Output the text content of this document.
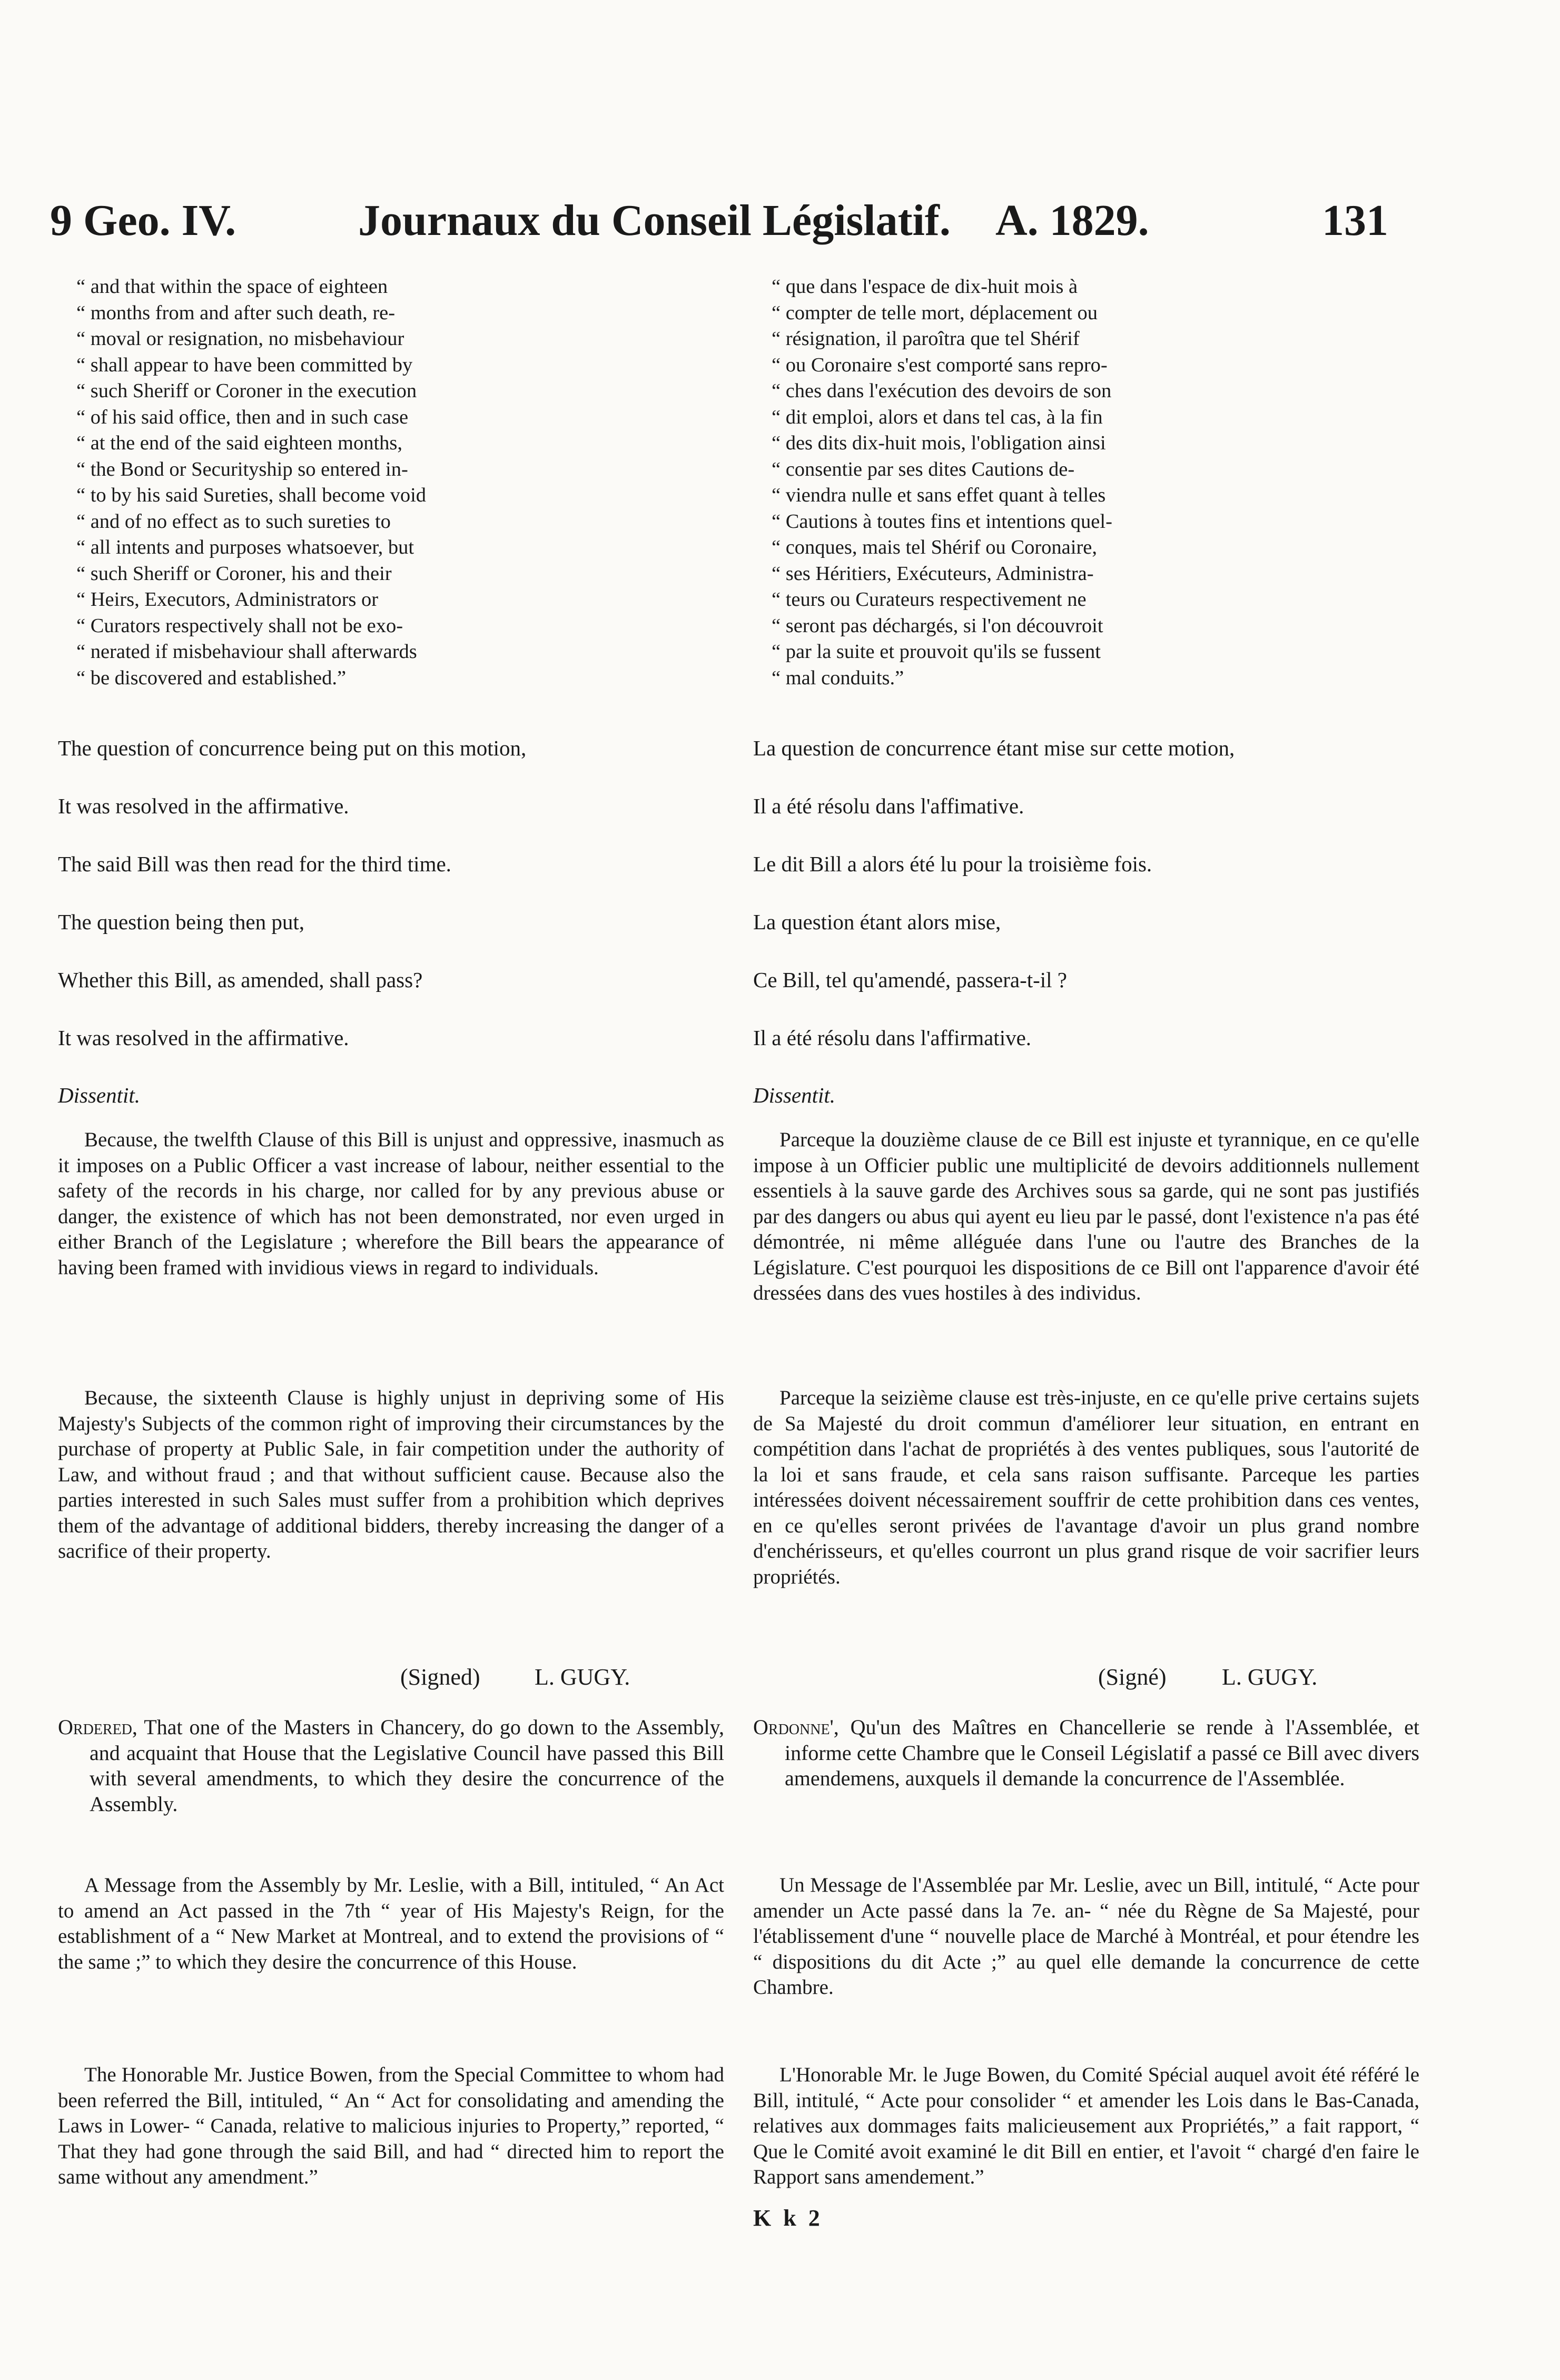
9 Geo. IV.	Journaux du Conseil Législatif. A. 1829.	131
“ and that within the space of eighteen
“ months from and after such death, re-
“ moval or resignation, no misbehaviour
“ shall appear to have been committed by
“ such Sheriff or Coroner in the execution
“ of his said office, then and in such case
“ at the end of the said eighteen months,
“ the Bond or Securityship so entered in-
“ to by his said Sureties, shall become void
“ and of no effect as to such sureties to
“ all intents and purposes whatsoever, but
“ such Sheriff or Coroner, his and their
“ Heirs, Executors, Administrators or
“ Curators respectively shall not be exo-
“ nerated if misbehaviour shall afterwards
“ be discovered and established.”

The question of concurrence being put on this motion,

It was resolved in the affirmative.

The said Bill was then read for the third time.

The question being then put,

Whether this Bill, as amended, shall pass?

It was resolved in the affirmative.

Dissentit.
Because, the twelfth Clause of this Bill is unjust and oppressive, inasmuch as it imposes on a Public Officer a vast increase of labour, neither essential to the safety of the records in his charge, nor called for by any previous abuse or danger, the existence of which has not been demonstrated, nor even urged in either Branch of the Legislature ; wherefore the Bill bears the appearance of having been framed with invidious views in regard to individuals.
Because, the sixteenth Clause is highly unjust in depriving some of His Majesty's Subjects of the common right of improving their circumstances by the purchase of property at Public Sale, in fair competition under the authority of Law, and without fraud ; and that without sufficient cause. Because also the parties interested in such Sales must suffer from a prohibition which deprives them of the advantage of additional bidders, thereby increasing the danger of a sacrifice of their property.
(Signed) L. GUGY.
Ordered, That one of the Masters in Chancery, do go down to the Assembly, and acquaint that House that the Legislative Council have passed this Bill with several amendments, to which they desire the concurrence of the Assembly.
A Message from the Assembly by Mr. Leslie, with a Bill, intituled, “ An Act to amend an Act passed in the 7th “ year of His Majesty's Reign, for the establishment of a “ New Market at Montreal, and to extend the provisions of “ the same ;” to which they desire the concurrence of this House.
The Honorable Mr. Justice Bowen, from the Special Committee to whom had been referred the Bill, intituled, “ An “ Act for consolidating and amending the Laws in Lower- “ Canada, relative to malicious injuries to Property,” reported, “ That they had gone through the said Bill, and had “ directed him to report the same without any amendment.”
“ que dans l'espace de dix-huit mois à
“ compter de telle mort, déplacement ou
“ résignation, il paroîtra que tel Shérif
“ ou Coronaire s'est comporté sans repro-
“ ches dans l'exécution des devoirs de son
“ dit emploi, alors et dans tel cas, à la fin
“ des dits dix-huit mois, l'obligation ainsi
“ consentie par ses dites Cautions de-
“ viendra nulle et sans effet quant à telles
“ Cautions à toutes fins et intentions quel-
“ conques, mais tel Shérif ou Coronaire,
“ ses Héritiers, Exécuteurs, Administra-
“ teurs ou Curateurs respectivement ne
“ seront pas déchargés, si l'on découvroit
“ par la suite et prouvoit qu'ils se fussent
“ mal conduits.”

La question de concurrence étant mise sur cette motion,

Il a été résolu dans l'affimative.

Le dit Bill a alors été lu pour la troisième fois.

La question étant alors mise,

Ce Bill, tel qu'amendé, passera-t-il ?

Il a été résolu dans l'affirmative.

Dissentit.
Parceque la douzième clause de ce Bill est injuste et tyrannique, en ce qu'elle impose à un Officier public une multiplicité de devoirs additionnels nullement essentiels à la sauve garde des Archives sous sa garde, qui ne sont pas justifiés par des dangers ou abus qui ayent eu lieu par le passé, dont l'existence n'a pas été démontrée, ni même alléguée dans l'une ou l'autre des Branches de la Législature. C'est pourquoi les dispositions de ce Bill ont l'apparence d'avoir été dressées dans des vues hostiles à des individus.
Parceque la seizième clause est très-injuste, en ce qu'elle prive certains sujets de Sa Majesté du droit commun d'améliorer leur situation, en entrant en compétition dans l'achat de propriétés à des ventes publiques, sous l'autorité de la loi et sans fraude, et cela sans raison suffisante. Parceque les parties intéressées doivent nécessairement souffrir de cette prohibition dans ces ventes, en ce qu'elles seront privées de l'avantage d'avoir un plus grand nombre d'enchérisseurs, et qu'elles courront un plus grand risque de voir sacrifier leurs propriétés.
(Signé) L. GUGY.
Ordonne', Qu'un des Maîtres en Chancellerie se rende à l'Assemblée, et informe cette Chambre que le Conseil Législatif a passé ce Bill avec divers amendemens, auxquels il demande la concurrence de l'Assemblée.
Un Message de l'Assemblée par Mr. Leslie, avec un Bill, intitulé, “ Acte pour amender un Acte passé dans la 7e. an- “ née du Règne de Sa Majesté, pour l'établissement d'une “ nouvelle place de Marché à Montréal, et pour étendre les “ dispositions du dit Acte ;” au quel elle demande la concurrence de cette Chambre.
L'Honorable Mr. le Juge Bowen, du Comité Spécial auquel avoit été référé le Bill, intitulé, “ Acte pour consolider “ et amender les Lois dans le Bas-Canada, relatives aux dommages faits malicieusement aux Propriétés,” a fait rapport, “ Que le Comité avoit examiné le dit Bill en entier, et l'avoit “ chargé d'en faire le Rapport sans amendement.”
K k 2
